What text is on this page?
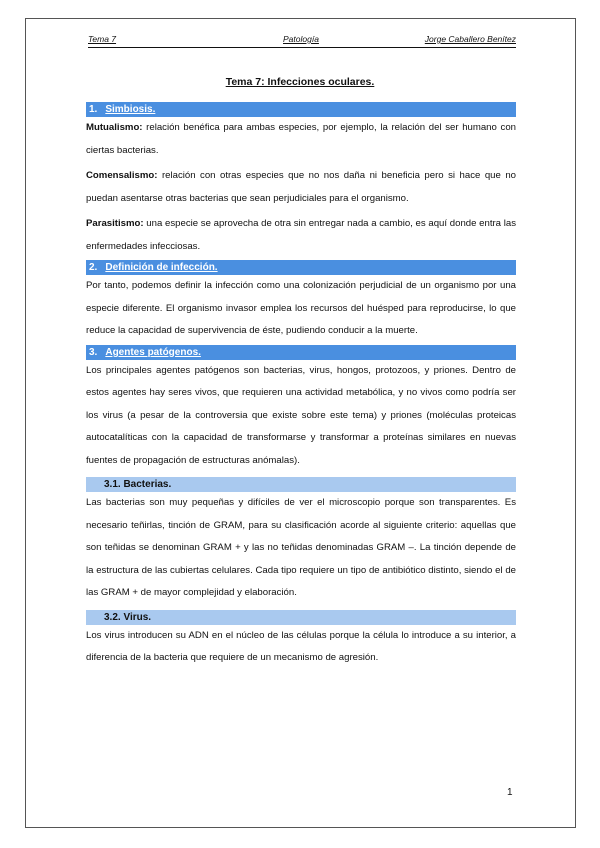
Tema 7	Patología	Jorge Caballero Benítez
Tema 7: Infecciones oculares.
1. Simbiosis.

Mutualismo: relación benéfica para ambas especies, por ejemplo, la relación del ser humano con ciertas bacterias.

Comensalismo: relación con otras especies que no nos daña ni beneficia pero si hace que no puedan asentarse otras bacterias que sean perjudiciales para el organismo.

Parasitismo: una especie se aprovecha de otra sin entregar nada a cambio, es aquí donde entra las enfermedades infecciosas.

2. Definición de infección.

Por tanto, podemos definir la infección como una colonización perjudicial de un organismo por una especie diferente. El organismo invasor emplea los recursos del huésped para reproducirse, lo que reduce la capacidad de supervivencia de éste, pudiendo conducir a la muerte.

3. Agentes patógenos.

Los principales agentes patógenos son bacterias, virus, hongos, protozoos, y priones. Dentro de estos agentes hay seres vivos, que requieren una actividad metabólica, y no vivos como podría ser los virus (a pesar de la controversia que existe sobre este tema) y priones (moléculas proteicas autocatalíticas con la capacidad de transformarse y transformar a proteínas similares en nuevas fuentes de propagación de estructuras anómalas).

3.1. Bacterias.

Las bacterias son muy pequeñas y difíciles de ver el microscopio porque son transparentes. Es necesario teñirlas, tinción de GRAM, para su clasificación acorde al siguiente criterio: aquellas que son teñidas se denominan GRAM + y las no teñidas denominadas GRAM –. La tinción depende de la estructura de las cubiertas celulares. Cada tipo requiere un tipo de antibiótico distinto, siendo el de las GRAM + de mayor complejidad y elaboración.

3.2. Virus.

Los virus introducen su ADN en el núcleo de las células porque la célula lo introduce a su interior, a diferencia de la bacteria que requiere de un mecanismo de agresión.

1
